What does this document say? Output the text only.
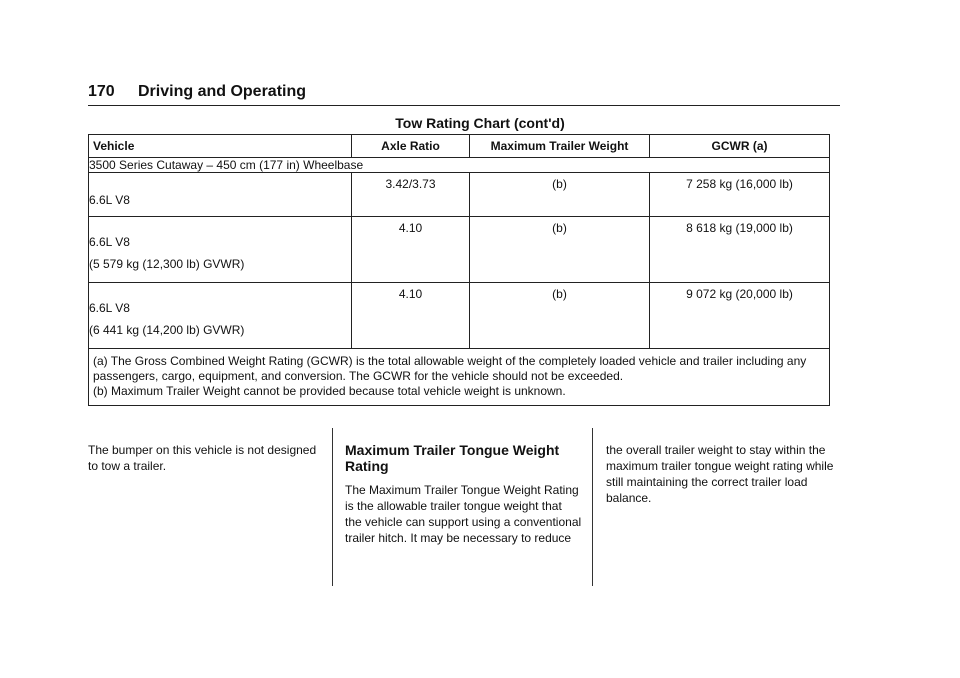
170 Driving and Operating
Tow Rating Chart (cont'd)
Vehicle	Axle Ratio	Maximum Trailer Weight	GCWR (a)
3500 Series Cutaway – 450 cm (177 in) Wheelbase			

6.6L V8	3.42/3.73	(b)	7 258 kg (16,000 lb)

6.6L V8
(5 579 kg (12,300 lb) GVWR)	4.10	(b)	8 618 kg (19,000 lb)

6.6L V8
(6 441 kg (14,200 lb) GVWR)	4.10	(b)	9 072 kg (20,000 lb)

(a) The Gross Combined Weight Rating (GCWR) is the total allowable weight of the completely loaded vehicle and trailer including any
passengers, cargo, equipment, and conversion. The GCWR for the vehicle should not be exceeded.
(b) Maximum Trailer Weight cannot be provided because total vehicle weight is unknown.			

The bumper on this vehicle is not designed

to tow a trailer.

Maximum Trailer Tongue Weight Rating

The Maximum Trailer Tongue Weight Rating

is the allowable trailer tongue weight that

the vehicle can support using a conventional

trailer hitch. It may be necessary to reduce

the overall trailer weight to stay within the

maximum trailer tongue weight rating while

still maintaining the correct trailer load

balance.
